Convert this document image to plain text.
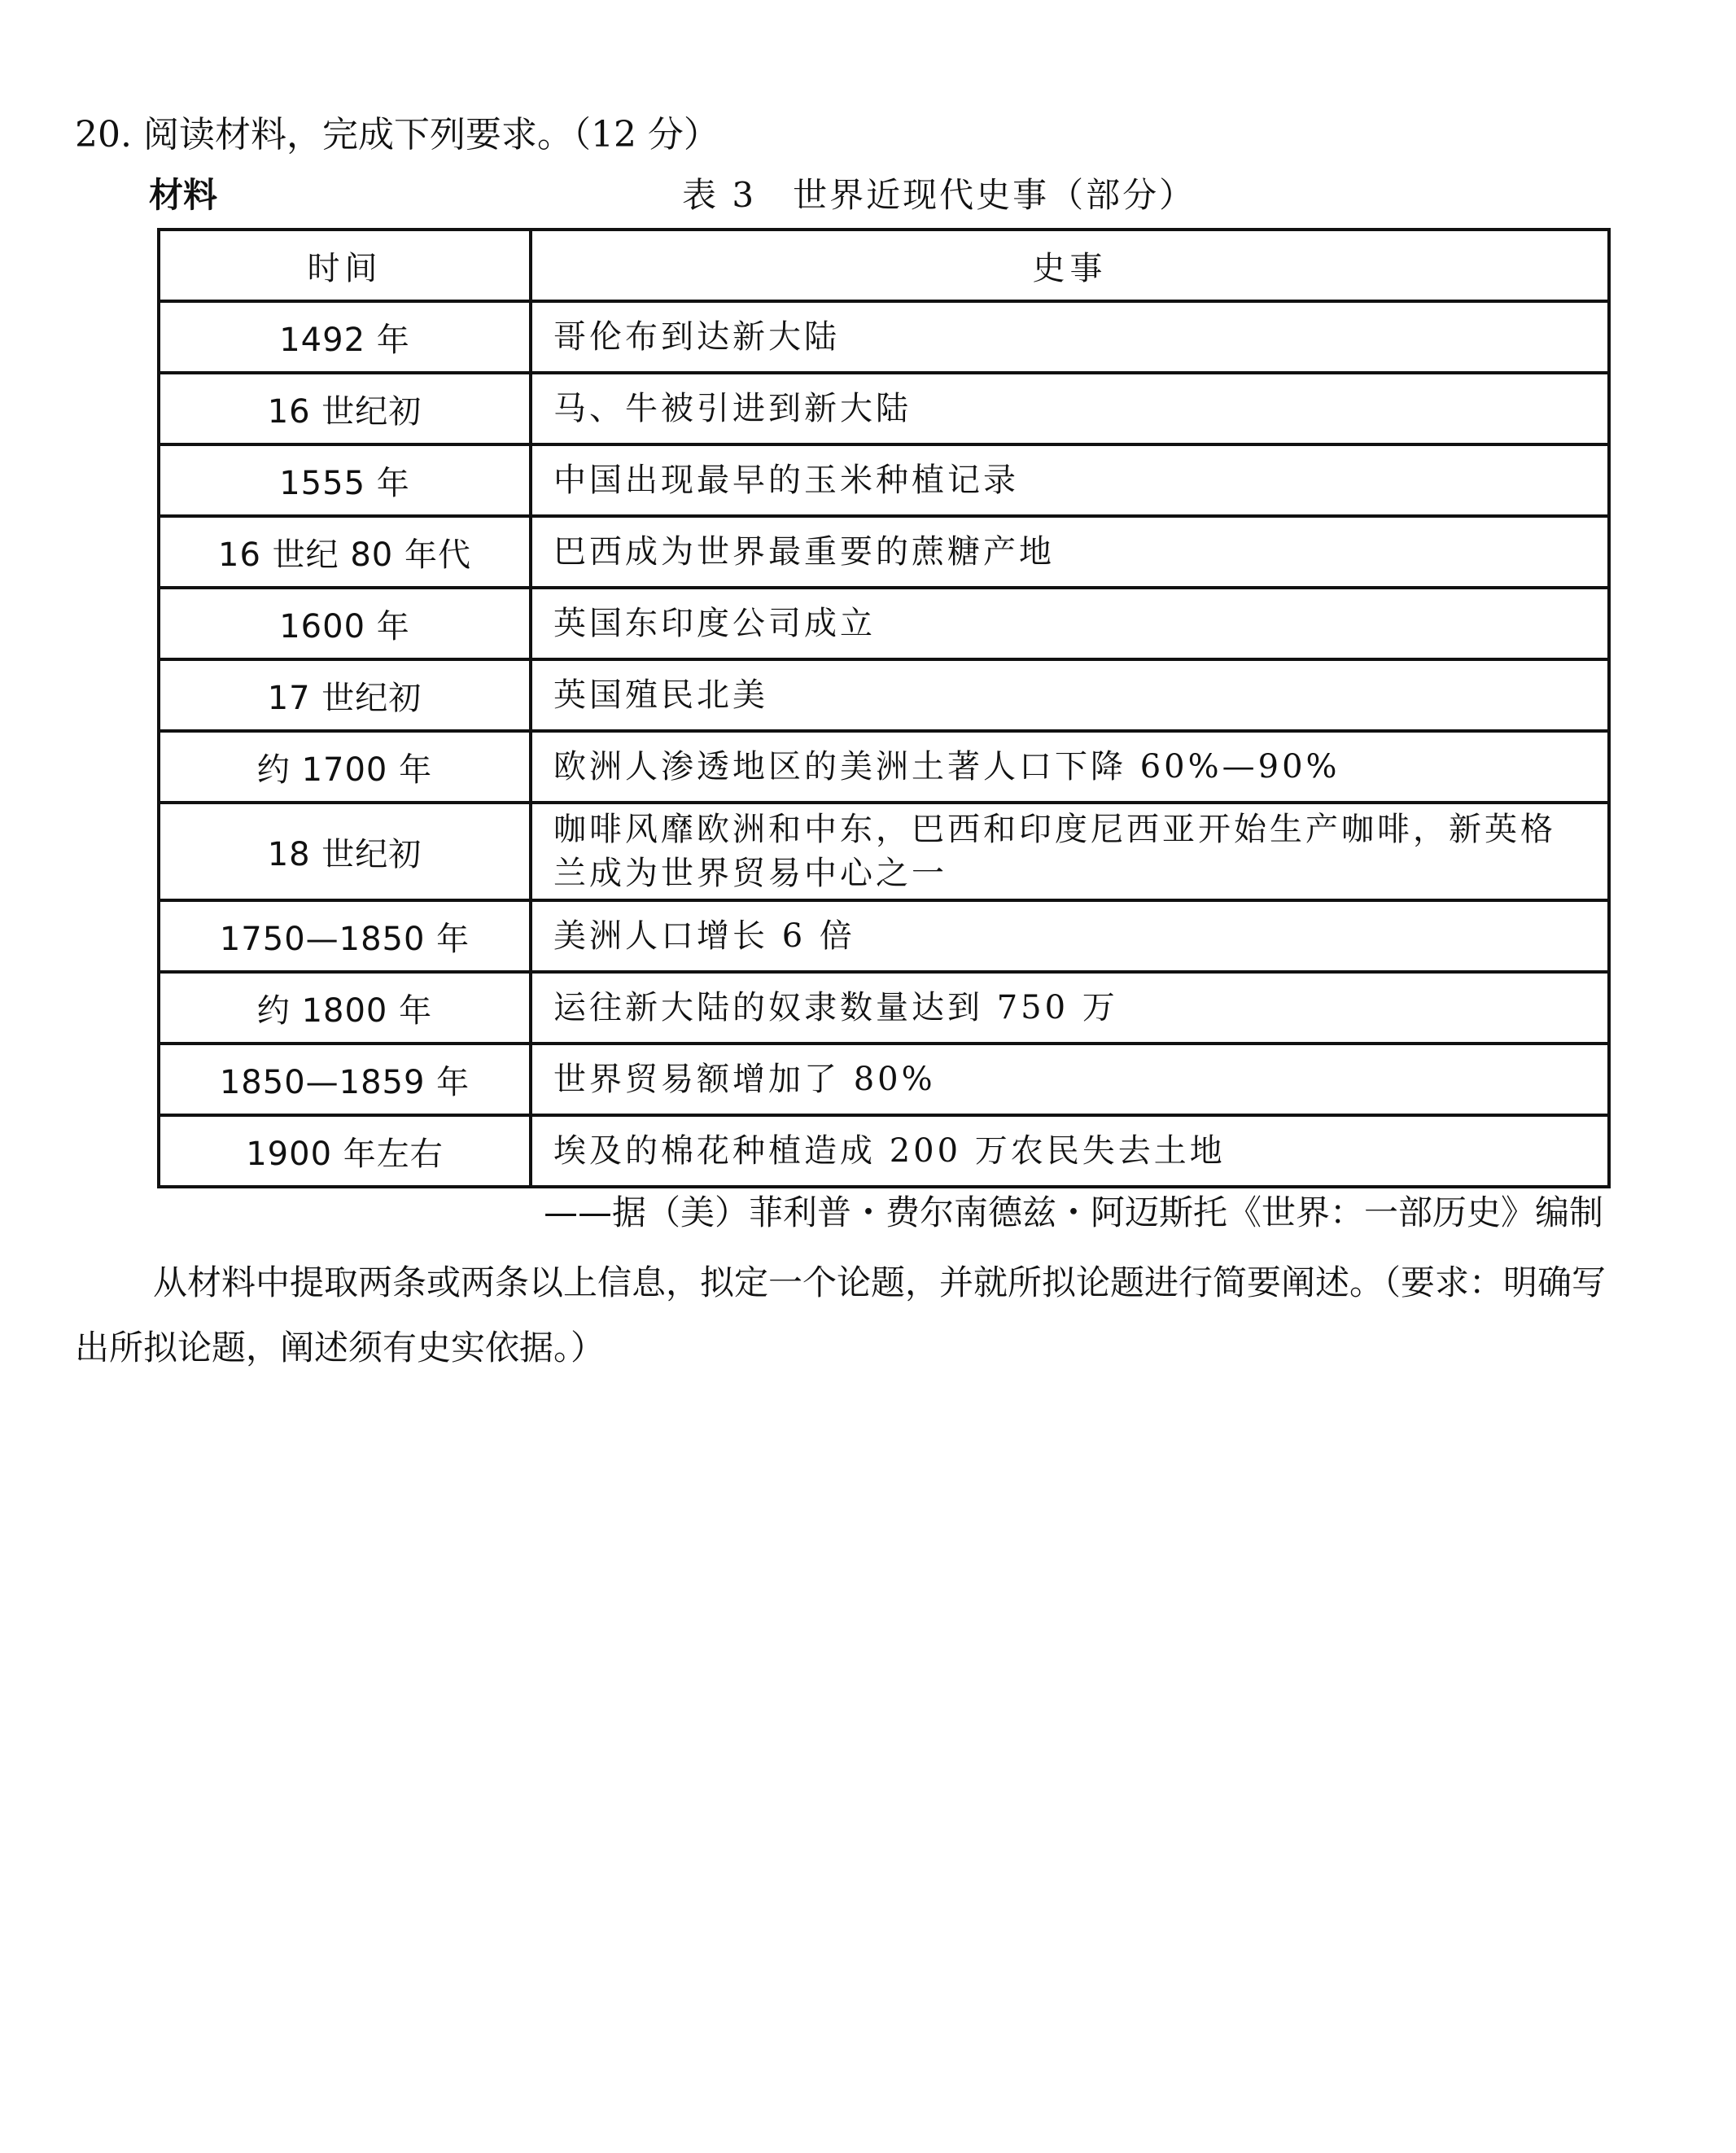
20. 阅读材料，完成下列要求。（12 分）
材料	表 3　世界近现代史事（部分）
时间	史事
1492 年	哥伦布到达新大陆
16 世纪初	马、牛被引进到新大陆
1555 年	中国出现最早的玉米种植记录
16 世纪 80 年代	巴西成为世界最重要的蔗糖产地
1600 年	英国东印度公司成立
17 世纪初	英国殖民北美
约 1700 年	欧洲人渗透地区的美洲土著人口下降 60%—90%
18 世纪初	咖啡风靡欧洲和中东，巴西和印度尼西亚开始生产咖啡，新英格兰成为世界贸易中心之一
1750—1850 年	美洲人口增长 6 倍
约 1800 年	运往新大陆的奴隶数量达到 750 万
1850—1859 年	世界贸易额增加了 80%
1900 年左右	埃及的棉花种植造成 200 万农民失去土地
——据（美）菲利普・费尔南德兹・阿迈斯托《世界：一部历史》编制
从材料中提取两条或两条以上信息，拟定一个论题，并就所拟论题进行简要阐述。（要求：明确写出所拟论题，阐述须有史实依据。）
